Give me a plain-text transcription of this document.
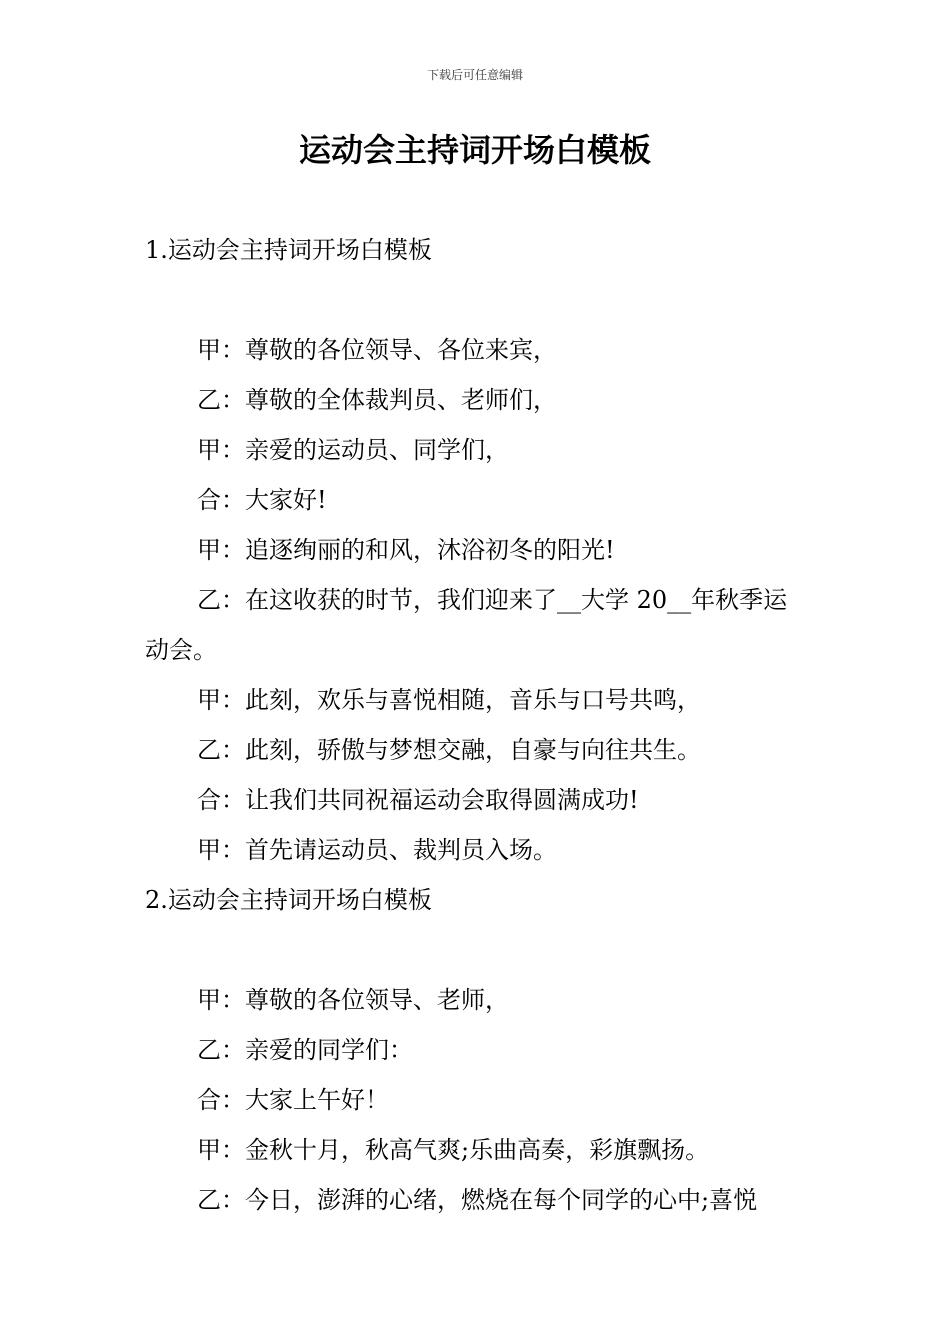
下载后可任意编辑
运动会主持词开场白模板
1.运动会主持词开场白模板

甲：尊敬的各位领导、各位来宾，

乙：尊敬的全体裁判员、老师们，

甲：亲爱的运动员、同学们，

合：大家好!

甲：追逐绚丽的和风，沐浴初冬的阳光!

乙：在这收获的时节，我们迎来了__大学 20__年秋季运动会。

甲：此刻，欢乐与喜悦相随，音乐与口号共鸣，

乙：此刻，骄傲与梦想交融，自豪与向往共生。

合：让我们共同祝福运动会取得圆满成功!

甲：首先请运动员、裁判员入场。

2.运动会主持词开场白模板

甲：尊敬的各位领导、老师，

乙：亲爱的同学们：

合：大家上午好！

甲：金秋十月，秋高气爽;乐曲高奏，彩旗飘扬。

乙：今日，澎湃的心绪，燃烧在每个同学的心中;喜悦
